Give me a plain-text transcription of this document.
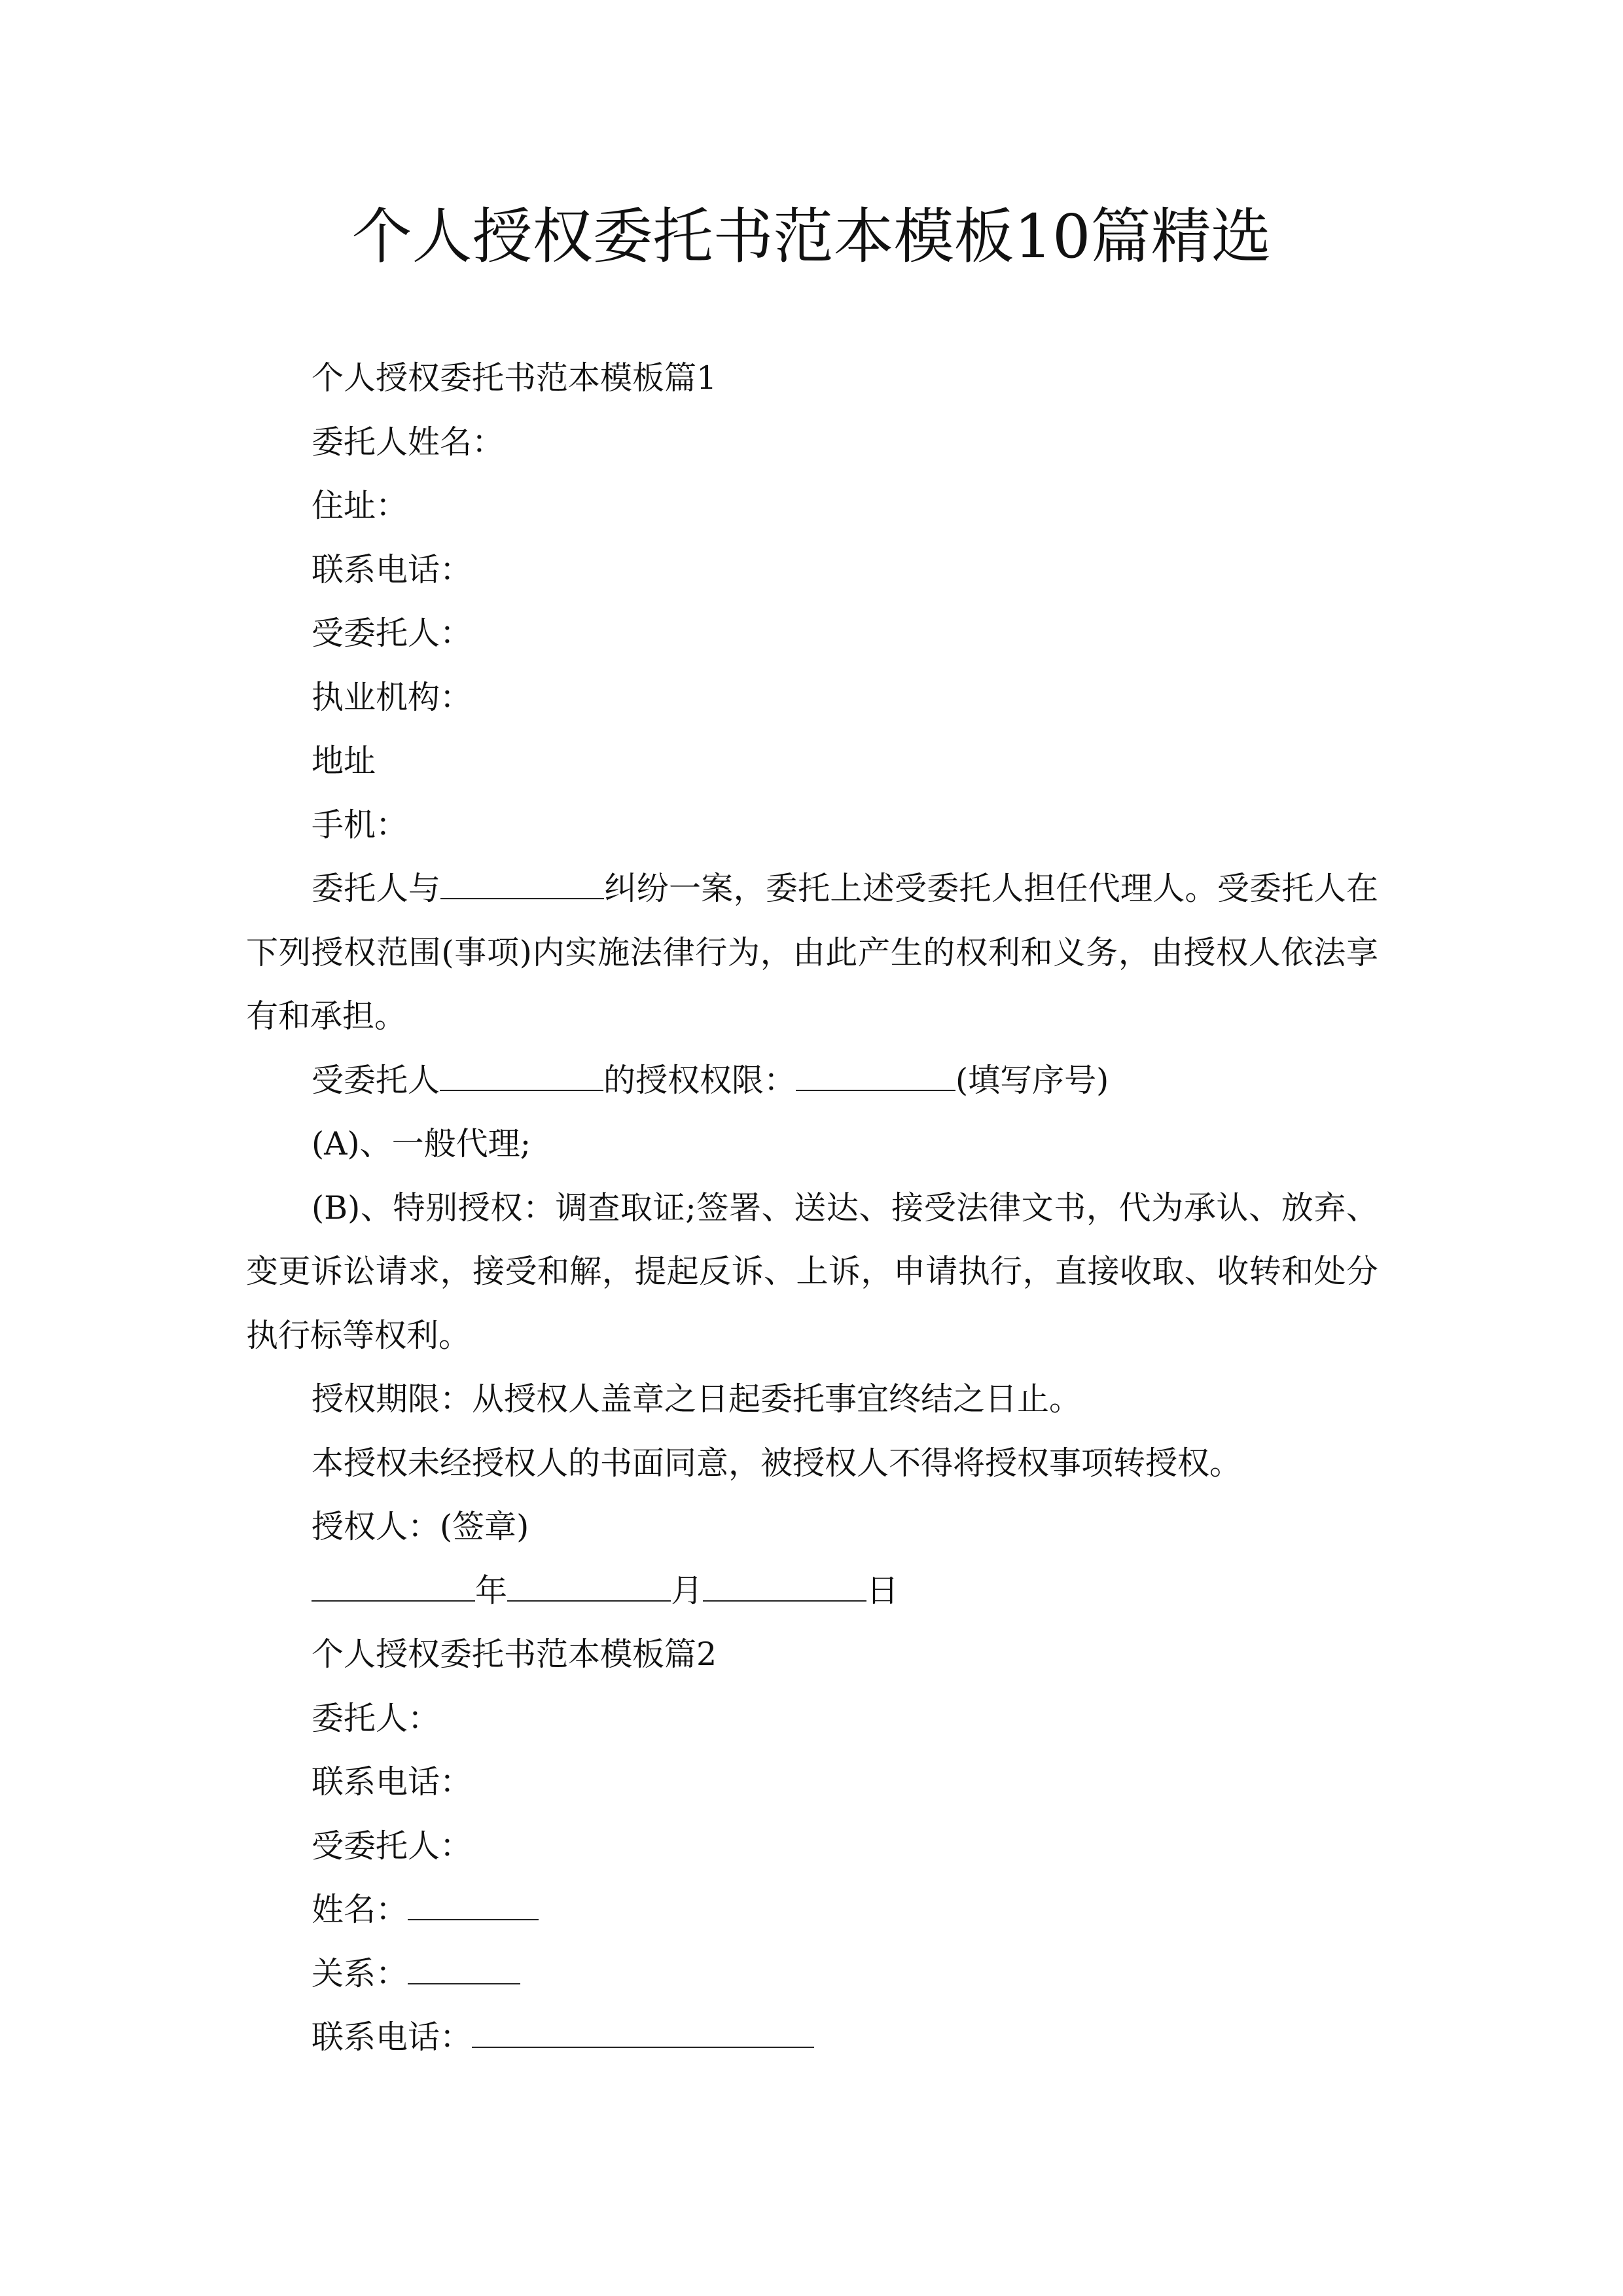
个人授权委托书范本模板10篇精选

个人授权委托书范本模板篇1

委托人姓名：

住址：

联系电话：

受委托人：

执业机构：

地址

手机：

委托人与	纠纷一案，委托上述受委托人担任代理人。受委托人在下列授权范围(事项)内实施法律行为，由此产生的权利和义务，由授权人依法享有和承担。

受委托人	的授权权限：	(填写序号)

(A)、一般代理;

(B)、特别授权：调查取证;签署、送达、接受法律文书，代为承认、放弃、变更诉讼请求，接受和解，提起反诉、上诉，申请执行，直接收取、收转和处分执行标等权利。

授权期限：从授权人盖章之日起委托事宜终结之日止。

本授权未经授权人的书面同意，被授权人不得将授权事项转授权。

授权人：(签章)

年	月	日

个人授权委托书范本模板篇2

委托人：

联系电话：

受委托人：

姓名：

关系：

联系电话：
